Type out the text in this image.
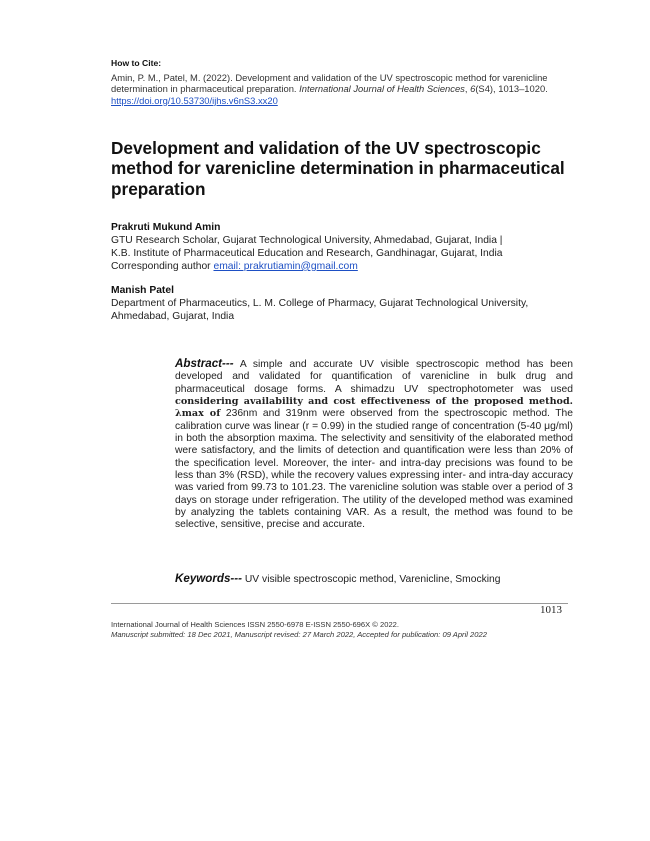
How to Cite:

Amin, P. M., Patel, M. (2022). Development and validation of the UV spectroscopic method for varenicline determination in pharmaceutical preparation. International Journal of Health Sciences, 6(S4), 1013–1020. https://doi.org/10.53730/ijhs.v6nS3.xx20

Development and validation of the UV spectroscopic method for varenicline determination in pharmaceutical preparation

Prakruti Mukund Amin

GTU Research Scholar, Gujarat Technological University, Ahmedabad, Gujarat, India |

K.B. Institute of Pharmaceutical Education and Research, Gandhinagar, Gujarat, India

Corresponding author email: prakrutiamin@gmail.com

Manish Patel

Department of Pharmaceutics, L. M. College of Pharmacy, Gujarat Technological University, Ahmedabad, Gujarat, India

Abstract--- A simple and accurate UV visible spectroscopic method has been developed and validated for quantification of varenicline in bulk drug and pharmaceutical dosage forms. A shimadzu UV spectrophotometer was used considering availability and cost effectiveness of the proposed method. λmax of 236nm and 319nm were observed from the spectroscopic method. The calibration curve was linear (r = 0.99) in the studied range of concentration (5-40 μg/ml) in both the absorption maxima. The selectivity and sensitivity of the elaborated method were satisfactory, and the limits of detection and quantification were less than 20% of the specification level. Moreover, the inter- and intra-day precisions was found to be less than 3% (RSD), while the recovery values expressing inter- and intra-day accuracy was varied from 99.73 to 101.23. The varenicline solution was stable over a period of 3 days on storage under refrigeration. The utility of the developed method was examined by analyzing the tablets containing VAR. As a result, the method was found to be selective, sensitive, precise and accurate.

Keywords--- UV visible spectroscopic method, Varenicline, Smocking

1013

International Journal of Health Sciences ISSN 2550-6978 E-ISSN 2550-696X © 2022.

Manuscript submitted: 18 Dec 2021, Manuscript revised: 27 March 2022, Accepted for publication: 09 April 2022
